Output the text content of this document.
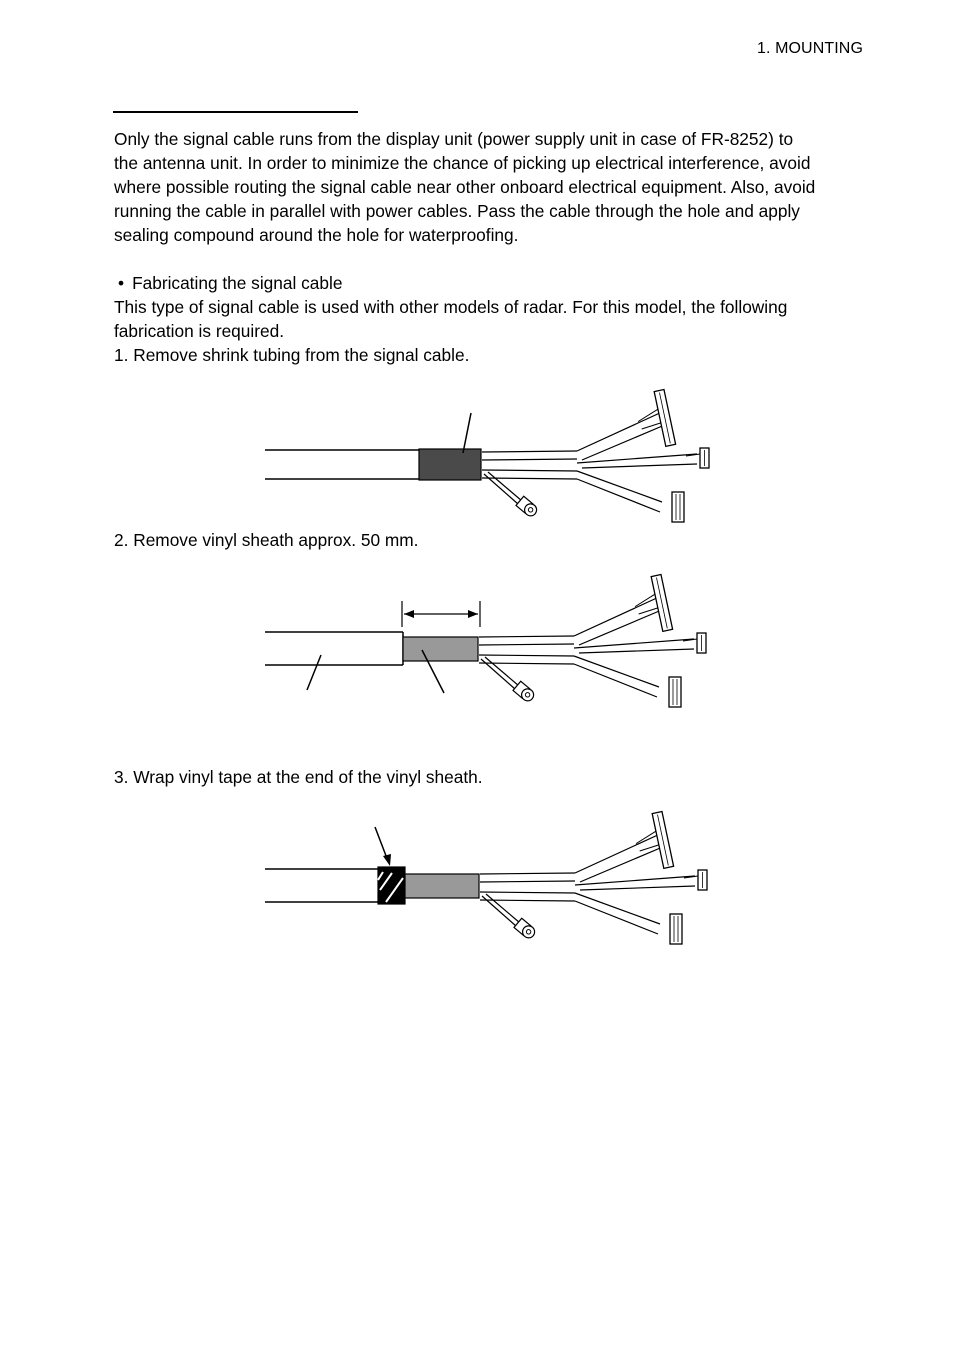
1. MOUNTING
Only the signal cable runs from the display unit (power supply unit in case of FR-8252) to
the antenna unit. In order to minimize the chance of picking up electrical interference, avoid
where possible routing the signal cable near other onboard electrical equipment. Also, avoid
running the cable in parallel with power cables. Pass the cable through the hole and apply
sealing compound around the hole for waterproofing.
• Fabricating the signal cable
This type of signal cable is used with other models of radar. For this model, the following
fabrication is required.
1. Remove shrink tubing from the signal cable.
2. Remove vinyl sheath approx. 50 mm.
3. Wrap vinyl tape at the end of the vinyl sheath.
